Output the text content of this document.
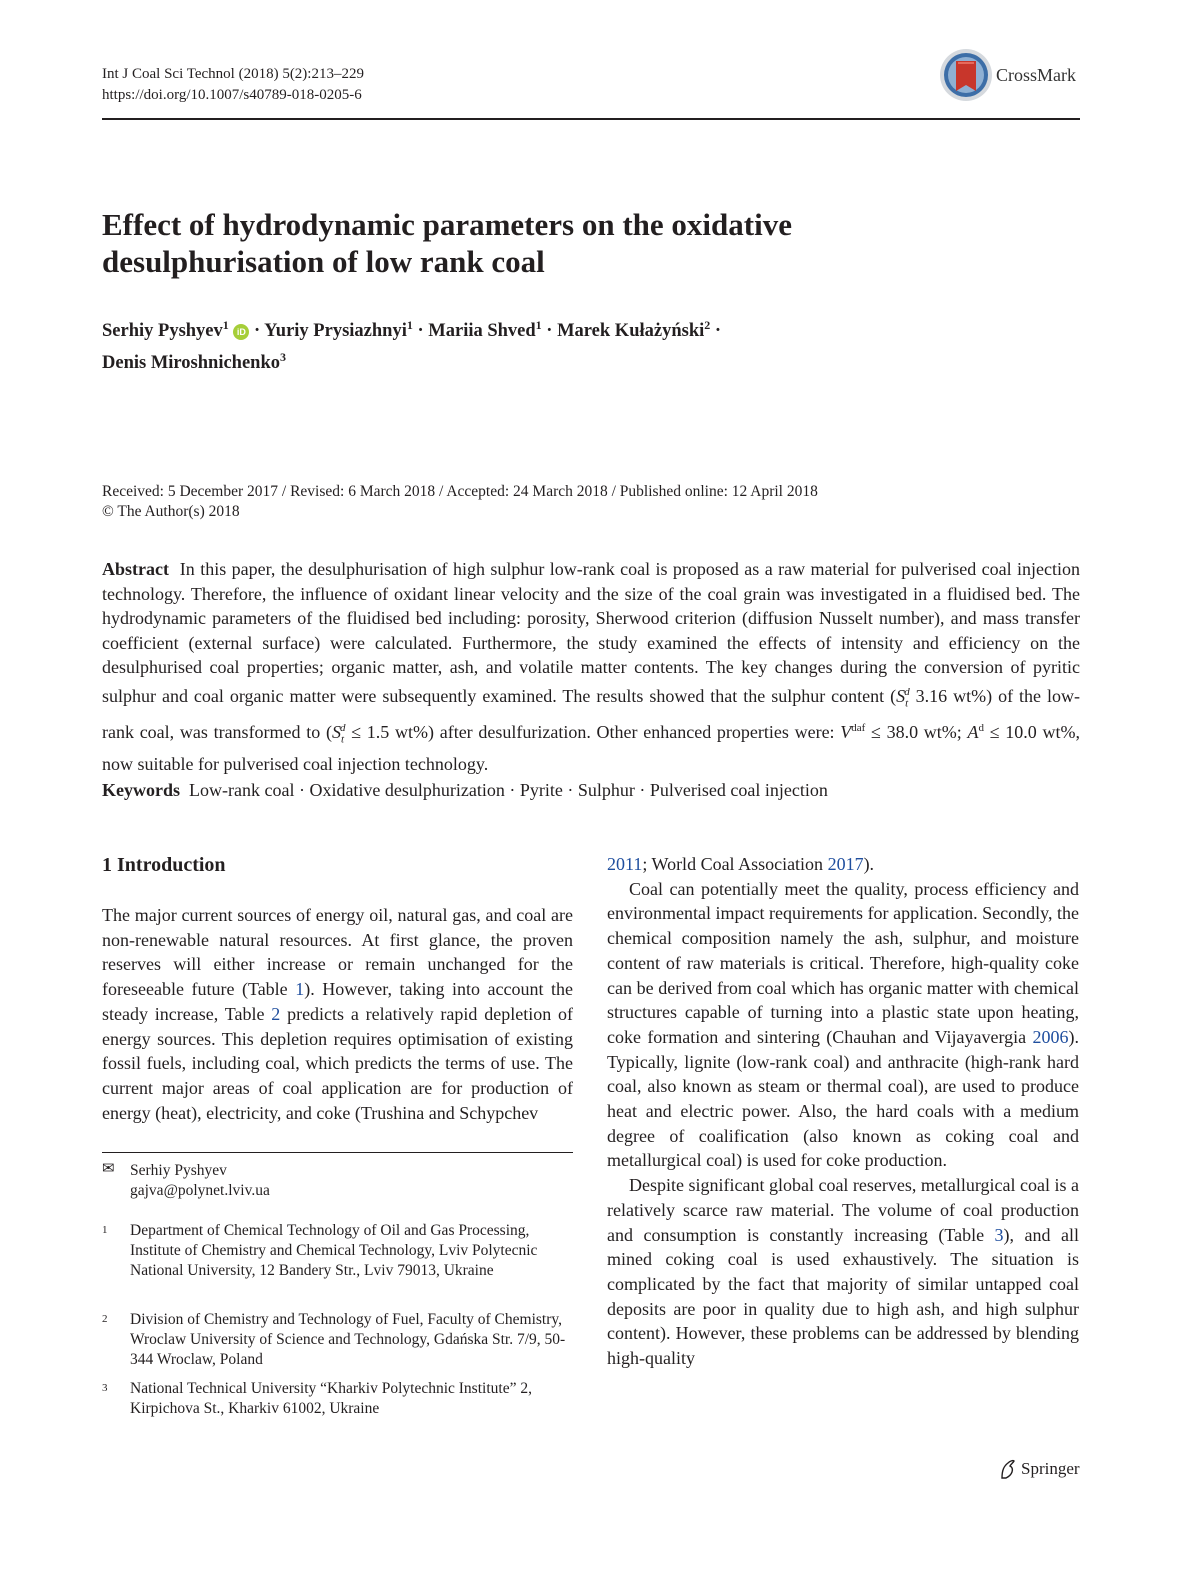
Int J Coal Sci Technol (2018) 5(2):213–229
https://doi.org/10.1007/s40789-018-0205-6
CrossMark
Effect of hydrodynamic parameters on the oxidative
desulphurisation of low rank coal
Serhiy Pyshyev$^1$ iD · Yuriy Prysiazhnyi$^1$ · Mariia Shved$^1$ · Marek Kułażyński$^2$ ·
Denis Miroshnichenko$^3$
Received: 5 December 2017 / Revised: 6 March 2018 / Accepted: 24 March 2018 / Published online: 12 April 2018
© The Author(s) 2018

Abstract In this paper, the desulphurisation of high sulphur low-rank coal is proposed as a raw material for pulverised coal injection technology. Therefore, the influence of oxidant linear velocity and the size of the coal grain was investigated in a fluidised bed. The hydrodynamic parameters of the fluidised bed including: porosity, Sherwood criterion (diffusion Nusselt number), and mass transfer coefficient (external surface) were calculated. Furthermore, the study examined the effects of intensity and efficiency on the desulphurised coal properties; organic matter, ash, and volatile matter contents. The key changes during the conversion of pyritic sulphur and coal organic matter were subsequently examined. The results showed that the sulphur content ($S_t^d$ 3.16 wt%) of the low-rank coal, was transformed to ($S_t^d \le 1.5$ wt%) after desulfurization. Other enhanced properties were: $V^{daf} \le 38.0$ wt%; $A^d \le 10.0$ wt%, now suitable for pulverised coal injection technology.

Keywords Low-rank coal · Oxidative desulphurization · Pyrite · Sulphur · Pulverised coal injection
1 Introduction

The major current sources of energy oil, natural gas, and coal are non-renewable natural resources. At first glance, the proven reserves will either increase or remain unchanged for the foreseeable future (Table 1). However, taking into account the steady increase, Table 2 predicts a relatively rapid depletion of energy sources. This depletion requires optimisation of existing fossil fuels, including coal, which predicts the terms of use. The current major areas of coal application are for production of energy (heat), electricity, and coke (Trushina and Schypchev

2011; World Coal Association 2017).

Coal can potentially meet the quality, process efficiency and environmental impact requirements for application. Secondly, the chemical composition namely the ash, sulphur, and moisture content of raw materials is critical. Therefore, high-quality coke can be derived from coal which has organic matter with chemical structures capable of turning into a plastic state upon heating, coke formation and sintering (Chauhan and Vijayavergia 2006). Typically, lignite (low-rank coal) and anthracite (high-rank hard coal, also known as steam or thermal coal), are used to produce heat and electric power. Also, the hard coals with a medium degree of coalification (also known as coking coal and metallurgical coal) is used for coke production.

Despite significant global coal reserves, metallurgical coal is a relatively scarce raw material. The volume of coal production and consumption is constantly increasing (Table 3), and all mined coking coal is used exhaustively. The situation is complicated by the fact that majority of similar untapped coal deposits are poor in quality due to high ash, and high sulphur content). However, these problems can be addressed by blending high-quality

✉ Serhiy Pyshyev
gajva@polynet.lviv.ua
1 Department of Chemical Technology of Oil and Gas Processing, Institute of Chemistry and Chemical Technology, Lviv Polytecnic National University, 12 Bandery Str., Lviv 79013, Ukraine
2 Division of Chemistry and Technology of Fuel, Faculty of Chemistry, Wroclaw University of Science and Technology, Gdańska Str. 7/9, 50-344 Wroclaw, Poland
3 National Technical University “Kharkiv Polytechnic Institute” 2, Kirpichova St., Kharkiv 61002, Ukraine
Springer
